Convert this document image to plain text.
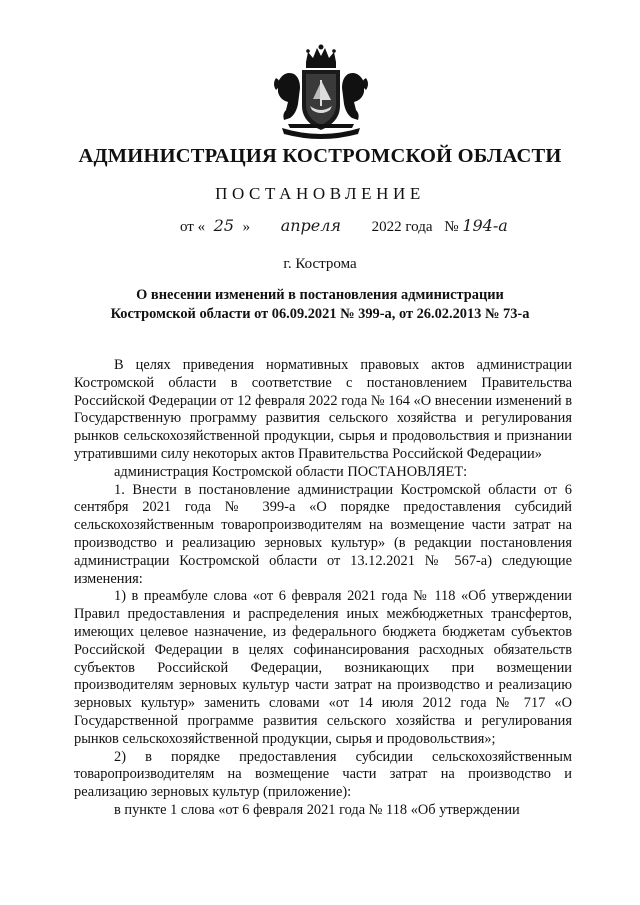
АДМИНИСТРАЦИЯ КОСТРОМСКОЙ ОБЛАСТИ
ПОСТАНОВЛЕНИЕ
от « 25 » апреля 2022 года № 194-а
г. Кострома
О внесении изменений в постановления администрации
Костромской области от 06.09.2021 № 399-а, от 26.02.2013 № 73-а

В целях приведения нормативных правовых актов администрации Костромской области в соответствие с постановлением Правительства Российской Федерации от 12 февраля 2022 года № 164 «О внесении изменений в Государственную программу развития сельского хозяйства и регулирования рынков сельскохозяйственной продукции, сырья и продовольствия и признании утратившими силу некоторых актов Правительства Российской Федерации»

администрация Костромской области ПОСТАНОВЛЯЕТ:

1. Внести в постановление администрации Костромской области от 6 сентября 2021 года № 399-а «О порядке предоставления субсидий сельскохозяйственным товаропроизводителям на возмещение части затрат на производство и реализацию зерновых культур» (в редакции постановления администрации Костромской области от 13.12.2021 № 567-а) следующие изменения:

1) в преамбуле слова «от 6 февраля 2021 года № 118 «Об утверждении Правил предоставления и распределения иных межбюджетных трансфертов, имеющих целевое назначение, из федерального бюджета бюджетам субъектов Российской Федерации в целях софинансирования расходных обязательств субъектов Российской Федерации, возникающих при возмещении производителям зерновых культур части затрат на производство и реализацию зерновых культур» заменить словами «от 14 июля 2012 года № 717 «О Государственной программе развития сельского хозяйства и регулирования рынков сельскохозяйственной продукции, сырья и продовольствия»;

2) в порядке предоставления субсидии сельскохозяйственным товаропроизводителям на возмещение части затрат на производство и реализацию зерновых культур (приложение):

в пункте 1 слова «от 6 февраля 2021 года № 118 «Об утверждении
